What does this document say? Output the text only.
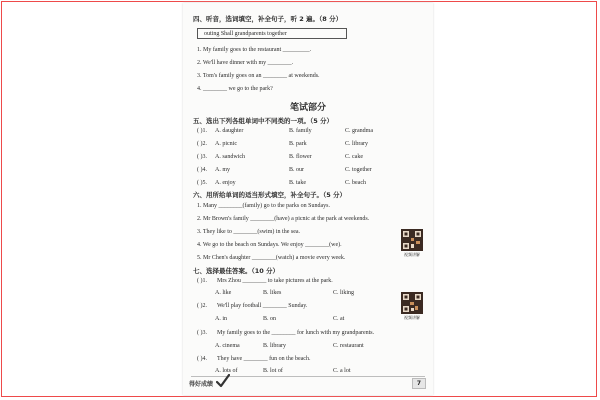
四、听音，选词填空，补全句子，听 2 遍。（8 分）
outing Shall grandparents together
1. My family goes to the restaurant _________.
2. We'll have dinner with my ________.
3. Tom's family goes on an ________ at weekends.
4. ________ we go to the park?
笔试部分
五、选出下列各组单词中不同类的一项。（5 分）
( )1. A. daughter	B. family	C. grandma
( )2. A. picnic	B. park	C. library
( )3. A. sandwich	B. flower	C. cake
( )4. A. my	B. our	C. together
( )5. A. enjoy	B. take	C. beach
六、用所给单词的适当形式填空，补全句子。（5 分）
1. Many ________(family) go to the parks on Sundays.
2. Mr Brown's family ________(have) a picnic at the park at weekends.
3. They like to ________(swim) in the sea.
4. We go to the beach on Sundays. We enjoy ________(we).
5. Mr Chen's daughter ________(watch) a movie every week.
视频讲解
七、选择最佳答案。（10 分）
( )1. Mrs Zhou ________ to take pictures at the park.
A. like	B. likes	C. liking
( )2. We'll play football ________ Sunday.
A. in	B. on	C. at	视频讲解
( )3. My family goes to the ________ for lunch with my grandparents.
A. cinema	B. library	C. restaurant
( )4. They have ________ fun on the beach.
A. lots of	B. lot of	C. a lot
得好成绩	7
